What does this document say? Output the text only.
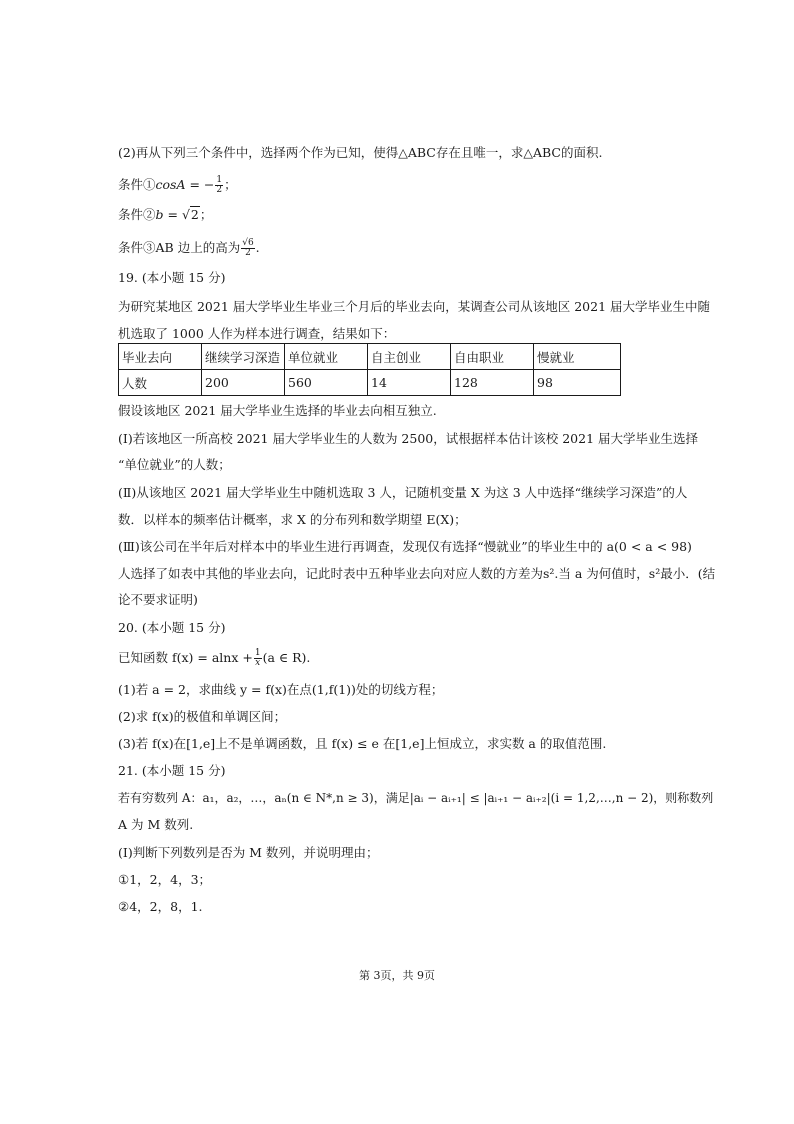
(2)再从下列三个条件中，选择两个作为已知，使得△ABC存在且唯一，求△ABC的面积.
条件①cosA = − $\frac{1}{2}$ ；
条件②b = √2；
条件③AB 边上的高为 $\frac{√6}{2}$ .
19. (本小题 15 分)
为研究某地区 2021 届大学毕业生毕业三个月后的毕业去向，某调查公司从该地区 2021 届大学毕业生中随
机选取了 1000 人作为样本进行调查，结果如下：
毕业去向	继续学习深造	单位就业	自主创业	自由职业	慢就业
人数	200	560	14	128	98
假设该地区 2021 届大学毕业生选择的毕业去向相互独立.
(Ⅰ)若该地区一所高校 2021 届大学毕业生的人数为 2500，试根据样本估计该校 2021 届大学毕业生选择
“单位就业”的人数；
(Ⅱ)从该地区 2021 届大学毕业生中随机选取 3 人，记随机变量 X 为这 3 人中选择“继续学习深造”的人
数．以样本的频率估计概率，求 X 的分布列和数学期望 E(X)；
(Ⅲ)该公司在半年后对样本中的毕业生进行再调查，发现仅有选择“慢就业”的毕业生中的 a(0 < a < 98)
人选择了如表中其他的毕业去向，记此时表中五种毕业去向对应人数的方差为s².当 a 为何值时，s²最小．(结
论不要求证明)
20. (本小题 15 分)
已知函数 $f(x) = alnx + \frac{1}{x} (a$ ∈ R).
(1)若 a = 2，求曲线 y = f(x)在点(1,f(1))处的切线方程；
(2)求 f(x)的极值和单调区间；
(3)若 f(x)在[1,e]上不是单调函数，且 f(x) ≤ e 在[1,e]上恒成立，求实数 a 的取值范围.
21. (本小题 15 分)
若有穷数列 A：a₁，a₂，…，aₙ(n ∈ N*,n ≥ 3)，满足|aᵢ − aᵢ₊₁| ≤ |aᵢ₊₁ − aᵢ₊₂|(i = 1,2,…,n − 2)，则称数列
A 为 M 数列.
(Ⅰ)判断下列数列是否为 M 数列，并说明理由；
①1，2，4，3；
②4，2，8，1.
第 3页，共 9页
